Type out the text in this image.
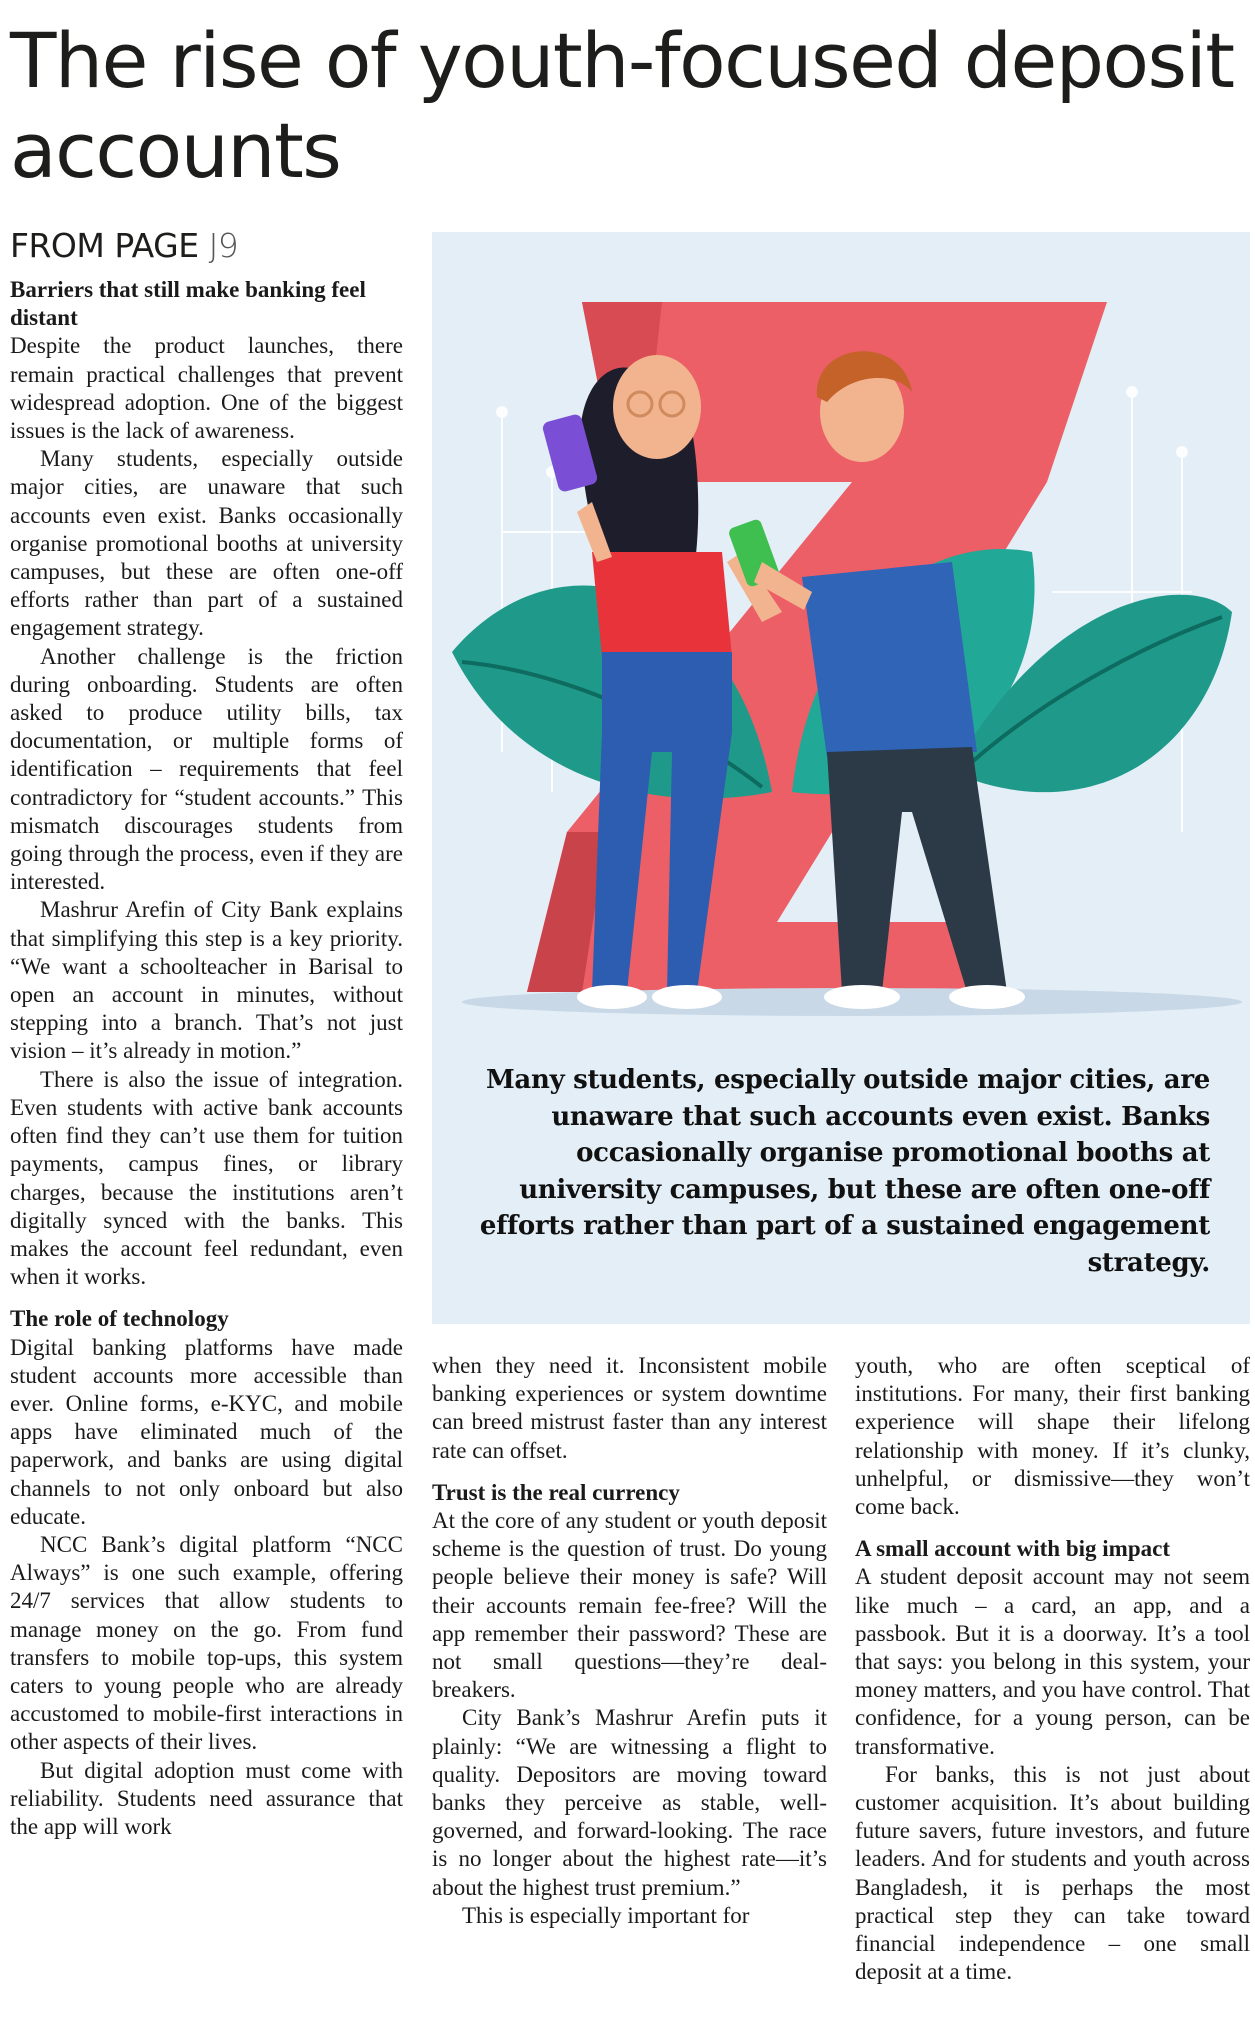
The rise of youth-focused deposit accounts
FROM PAGE J9
Barriers that still make banking feel distant

Despite the product launches, there remain practical challenges that prevent widespread adoption. One of the biggest issues is the lack of awareness.

Many students, especially outside major cities, are unaware that such accounts even exist. Banks occasionally organise promotional booths at university campuses, but these are often one-off efforts rather than part of a sustained engagement strategy.

Another challenge is the friction during onboarding. Students are often asked to produce utility bills, tax documentation, or multiple forms of identification – requirements that feel contradictory for “student accounts.” This mismatch discourages students from going through the process, even if they are interested.

Mashrur Arefin of City Bank explains that simplifying this step is a key priority. “We want a schoolteacher in Barisal to open an account in minutes, without stepping into a branch. That’s not just vision – it’s already in motion.”

There is also the issue of integration. Even students with active bank accounts often find they can’t use them for tuition payments, campus fines, or library charges, because the institutions aren’t digitally synced with the banks. This makes the account feel redundant, even when it works.

The role of technology

Digital banking platforms have made student accounts more accessible than ever. Online forms, e-KYC, and mobile apps have eliminated much of the paperwork, and banks are using digital channels to not only onboard but also educate.

NCC Bank’s digital platform “NCC Always” is one such example, offering 24/7 services that allow students to manage money on the go. From fund transfers to mobile top-ups, this system caters to young people who are already accustomed to mobile-first interactions in other aspects of their lives.

But digital adoption must come with reliability. Students need assurance that the app will work

Many students, especially outside major cities, are unaware that such accounts even exist. Banks occasionally organise promotional booths at university campuses, but these are often one-off efforts rather than part of a sustained engagement strategy.

when they need it. Inconsistent mobile banking experiences or system downtime can breed mistrust faster than any interest rate can offset.

Trust is the real currency

At the core of any student or youth deposit scheme is the question of trust. Do young people believe their money is safe? Will their accounts remain fee-free? Will the app remember their password? These are not small questions—they’re deal-breakers.

City Bank’s Mashrur Arefin puts it plainly: “We are witnessing a flight to quality. Depositors are moving toward banks they perceive as stable, well-governed, and forward-looking. The race is no longer about the highest rate—it’s about the highest trust premium.”

This is especially important for

youth, who are often sceptical of institutions. For many, their first banking experience will shape their lifelong relationship with money. If it’s clunky, unhelpful, or dismissive—they won’t come back.

A small account with big impact

A student deposit account may not seem like much – a card, an app, and a passbook. But it is a doorway. It’s a tool that says: you belong in this system, your money matters, and you have control. That confidence, for a young person, can be transformative.

For banks, this is not just about customer acquisition. It’s about building future savers, future investors, and future leaders. And for students and youth across Bangladesh, it is perhaps the most practical step they can take toward financial independence – one small deposit at a time.
